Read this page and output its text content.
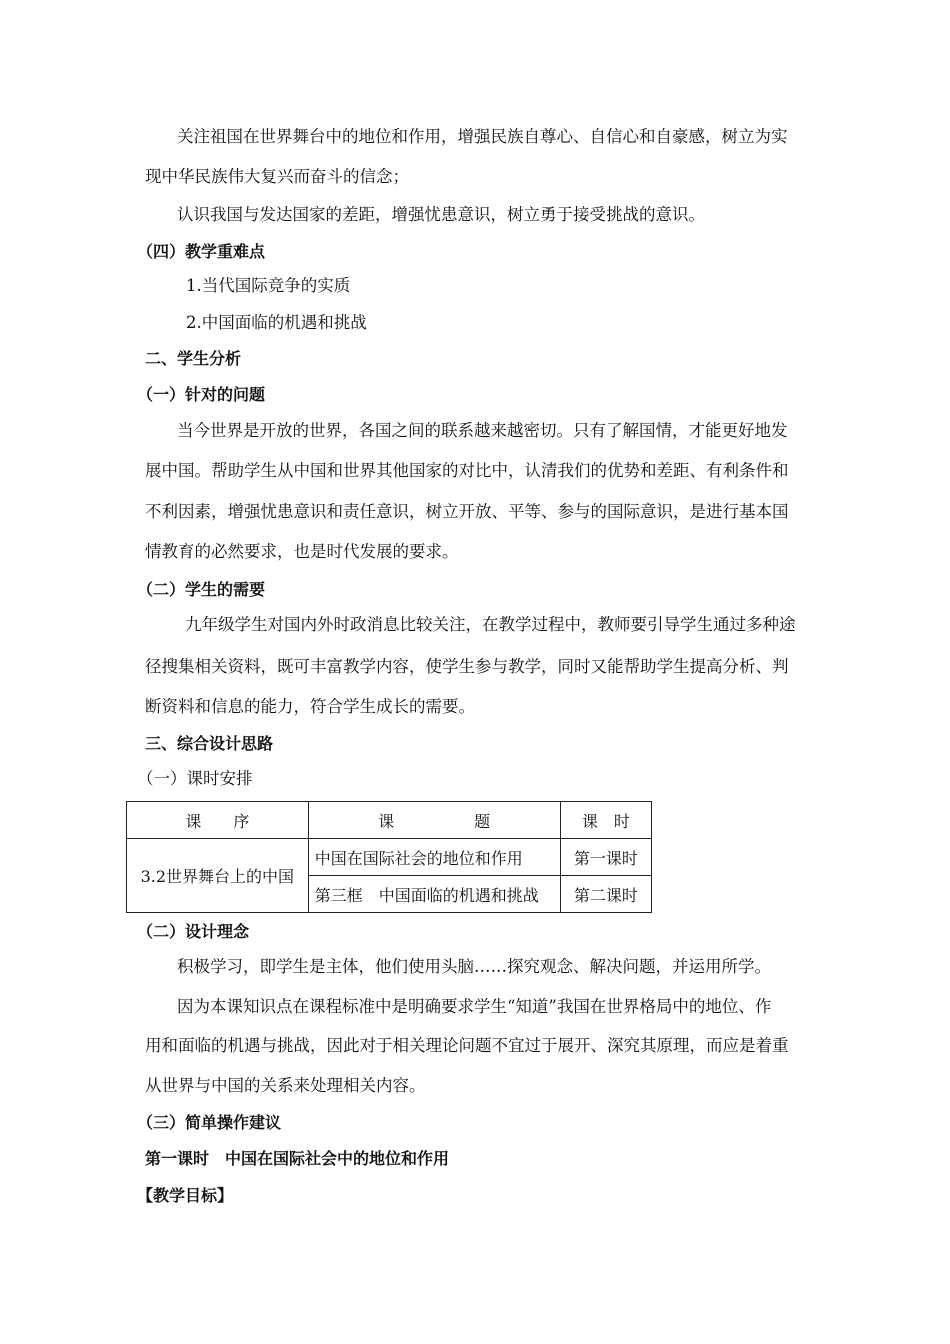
关注祖国在世界舞台中的地位和作用，增强民族自尊心、自信心和自豪感，树立为实
现中华民族伟大复兴而奋斗的信念；
认识我国与发达国家的差距，增强忧患意识，树立勇于接受挑战的意识。
（四）教学重难点
1.当代国际竞争的实质
2.中国面临的机遇和挑战
二、学生分析
（一）针对的问题
当今世界是开放的世界，各国之间的联系越来越密切。只有了解国情，才能更好地发
展中国。帮助学生从中国和世界其他国家的对比中，认清我们的优势和差距、有利条件和
不利因素，增强忧患意识和责任意识，树立开放、平等、参与的国际意识，是进行基本国
情教育的必然要求，也是时代发展的要求。
（二）学生的需要
九年级学生对国内外时政消息比较关注，在教学过程中，教师要引导学生通过多种途
径搜集相关资料，既可丰富教学内容，使学生参与教学，同时又能帮助学生提高分析、判
断资料和信息的能力，符合学生成长的需要。
三、综合设计思路
（一）课时安排
课　　序	课　　　　　题	课　时
3.2世界舞台上的中国	中国在国际社会的地位和作用	第一课时
	第三框　中国面临的机遇和挑战	第二课时
（二）设计理念
积极学习，即学生是主体，他们使用头脑……探究观念、解决问题，并运用所学。
因为本课知识点在课程标准中是明确要求学生“知道”我国在世界格局中的地位、作
用和面临的机遇与挑战，因此对于相关理论问题不宜过于展开、深究其原理，而应是着重
从世界与中国的关系来处理相关内容。
（三）简单操作建议
第一课时　中国在国际社会中的地位和作用
【教学目标】
